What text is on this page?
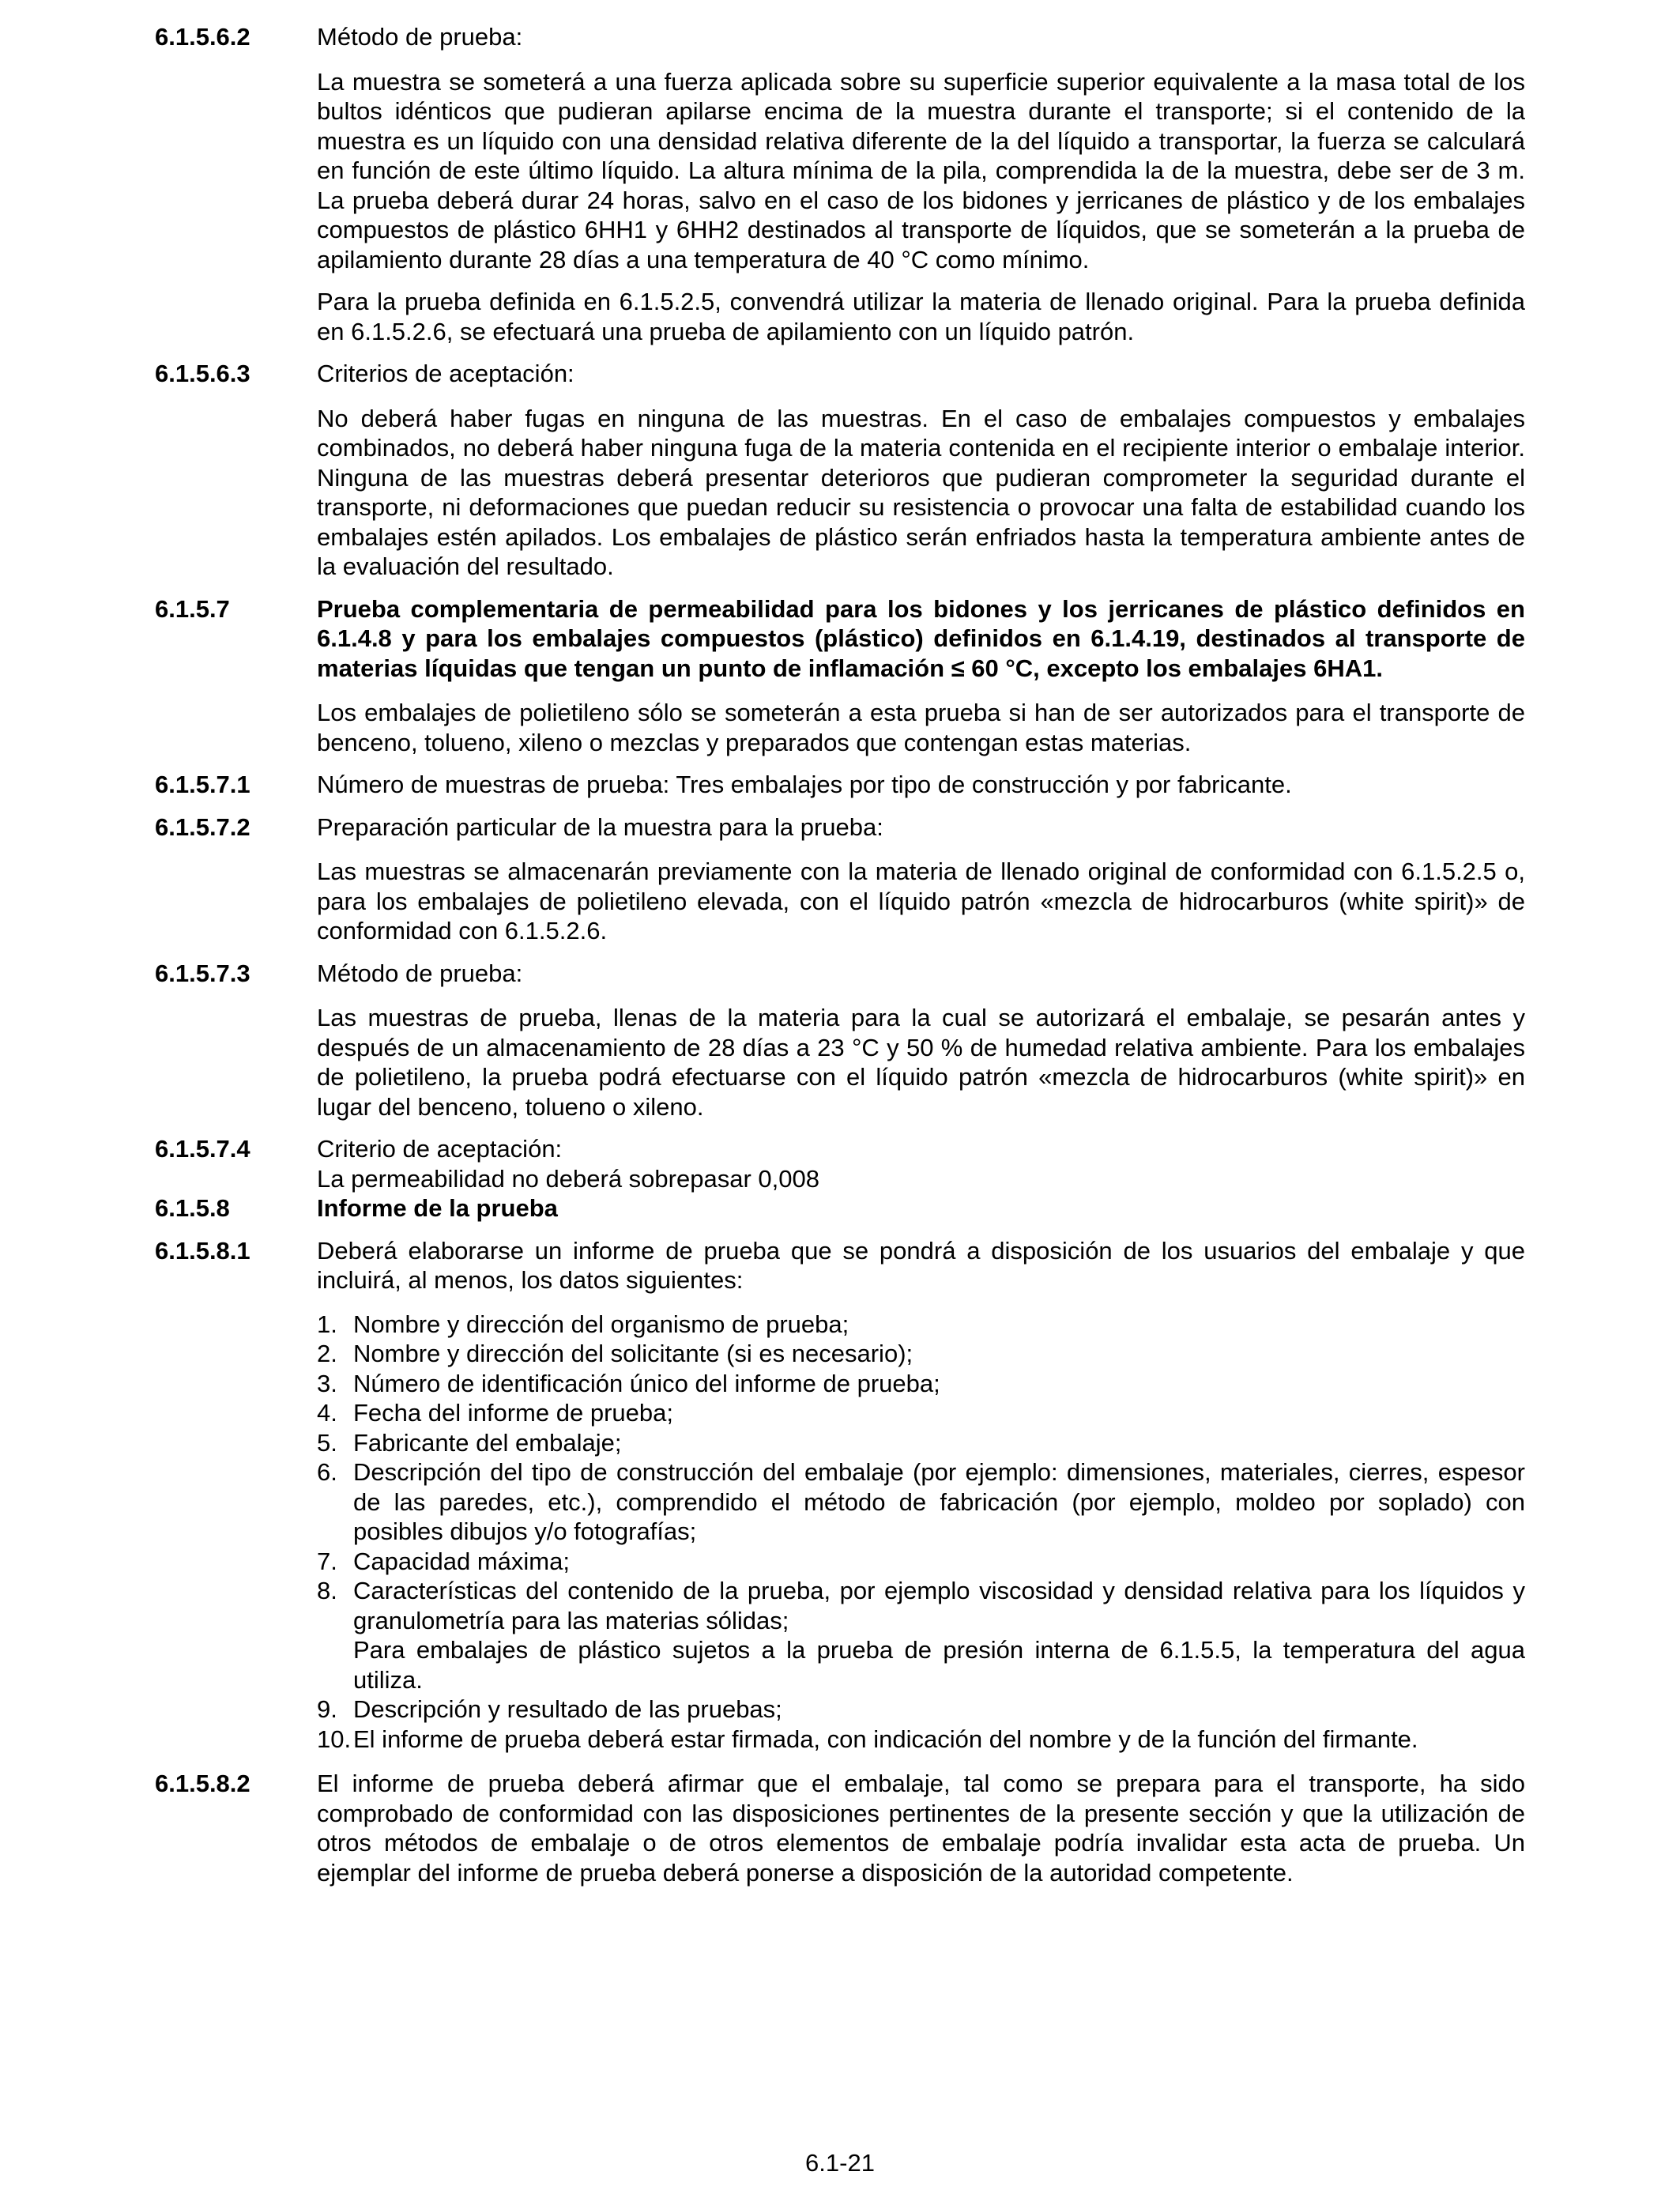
6.1.5.6.2	Método de prueba:

La muestra se someterá a una fuerza aplicada sobre su superficie superior equivalente a la masa total de los bultos idénticos que pudieran apilarse encima de la muestra durante el transporte; si el contenido de la muestra es un líquido con una densidad relativa diferente de la del líquido a transportar, la fuerza se calculará en función de este último líquido. La altura mínima de la pila, comprendida la de la muestra, debe ser de 3 m. La prueba deberá durar 24 horas, salvo en el caso de los bidones y jerricanes de plástico y de los embalajes compuestos de plástico 6HH1 y 6HH2 destinados al transporte de líquidos, que se someterán a la prueba de apilamiento durante 28 días a una temperatura de 40 °C como mínimo.

Para la prueba definida en 6.1.5.2.5, convendrá utilizar la materia de llenado original. Para la prueba definida en 6.1.5.2.6, se efectuará una prueba de apilamiento con un líquido patrón.

6.1.5.6.3	Criterios de aceptación:

No deberá haber fugas en ninguna de las muestras. En el caso de embalajes compuestos y embalajes combinados, no deberá haber ninguna fuga de la materia contenida en el recipiente interior o embalaje interior. Ninguna de las muestras deberá presentar deterioros que pudieran comprometer la seguridad durante el transporte, ni deformaciones que puedan reducir su resistencia o provocar una falta de estabilidad cuando los embalajes estén apilados. Los embalajes de plástico serán enfriados hasta la temperatura ambiente antes de la evaluación del resultado.

6.1.5.7	Prueba complementaria de permeabilidad para los bidones y los jerricanes de plástico definidos en 6.1.4.8 y para los embalajes compuestos (plástico) definidos en 6.1.4.19, destinados al transporte de materias líquidas que tengan un punto de inflamación ≤ 60 °C, excepto los embalajes 6HA1.

Los embalajes de polietileno sólo se someterán a esta prueba si han de ser autorizados para el transporte de benceno, tolueno, xileno o mezclas y preparados que contengan estas materias.

6.1.5.7.1	Número de muestras de prueba: Tres embalajes por tipo de construcción y por fabricante.

6.1.5.7.2	Preparación particular de la muestra para la prueba:

Las muestras se almacenarán previamente con la materia de llenado original de conformidad con 6.1.5.2.5 o, para los embalajes de polietileno elevada, con el líquido patrón «mezcla de hidrocarburos (white spirit)» de conformidad con 6.1.5.2.6.

6.1.5.7.3	Método de prueba:

Las muestras de prueba, llenas de la materia para la cual se autorizará el embalaje, se pesarán antes y después de un almacenamiento de 28 días a 23 °C y 50 % de humedad relativa ambiente. Para los embalajes de polietileno, la prueba podrá efectuarse con el líquido patrón «mezcla de hidrocarburos (white spirit)» en lugar del benceno, tolueno o xileno.

6.1.5.7.4	Criterio de aceptación:

La permeabilidad no deberá sobrepasar 0,008

6.1.5.8	Informe de la prueba

6.1.5.8.1	Deberá elaborarse un informe de prueba que se pondrá a disposición de los usuarios del embalaje y que incluirá, al menos, los datos siguientes:

1. Nombre y dirección del organismo de prueba;
2. Nombre y dirección del solicitante (si es necesario);
3. Número de identificación único del informe de prueba;
4. Fecha del informe de prueba;
5. Fabricante del embalaje;
6. Descripción del tipo de construcción del embalaje (por ejemplo: dimensiones, materiales, cierres, espesor de las paredes, etc.), comprendido el método de fabricación (por ejemplo, moldeo por soplado) con posibles dibujos y/o fotografías;
7. Capacidad máxima;
8. Características del contenido de la prueba, por ejemplo viscosidad y densidad relativa para los líquidos y granulometría para las materias sólidas;
Para embalajes de plástico sujetos a la prueba de presión interna de 6.1.5.5, la temperatura del agua utiliza.
9. Descripción y resultado de las pruebas;
10. El informe de prueba deberá estar firmada, con indicación del nombre y de la función del firmante.
6.1.5.8.2	El informe de prueba deberá afirmar que el embalaje, tal como se prepara para el transporte, ha sido comprobado de conformidad con las disposiciones pertinentes de la presente sección y que la utilización de otros métodos de embalaje o de otros elementos de embalaje podría invalidar esta acta de prueba. Un ejemplar del informe de prueba deberá ponerse a disposición de la autoridad competente.

6.1-21
